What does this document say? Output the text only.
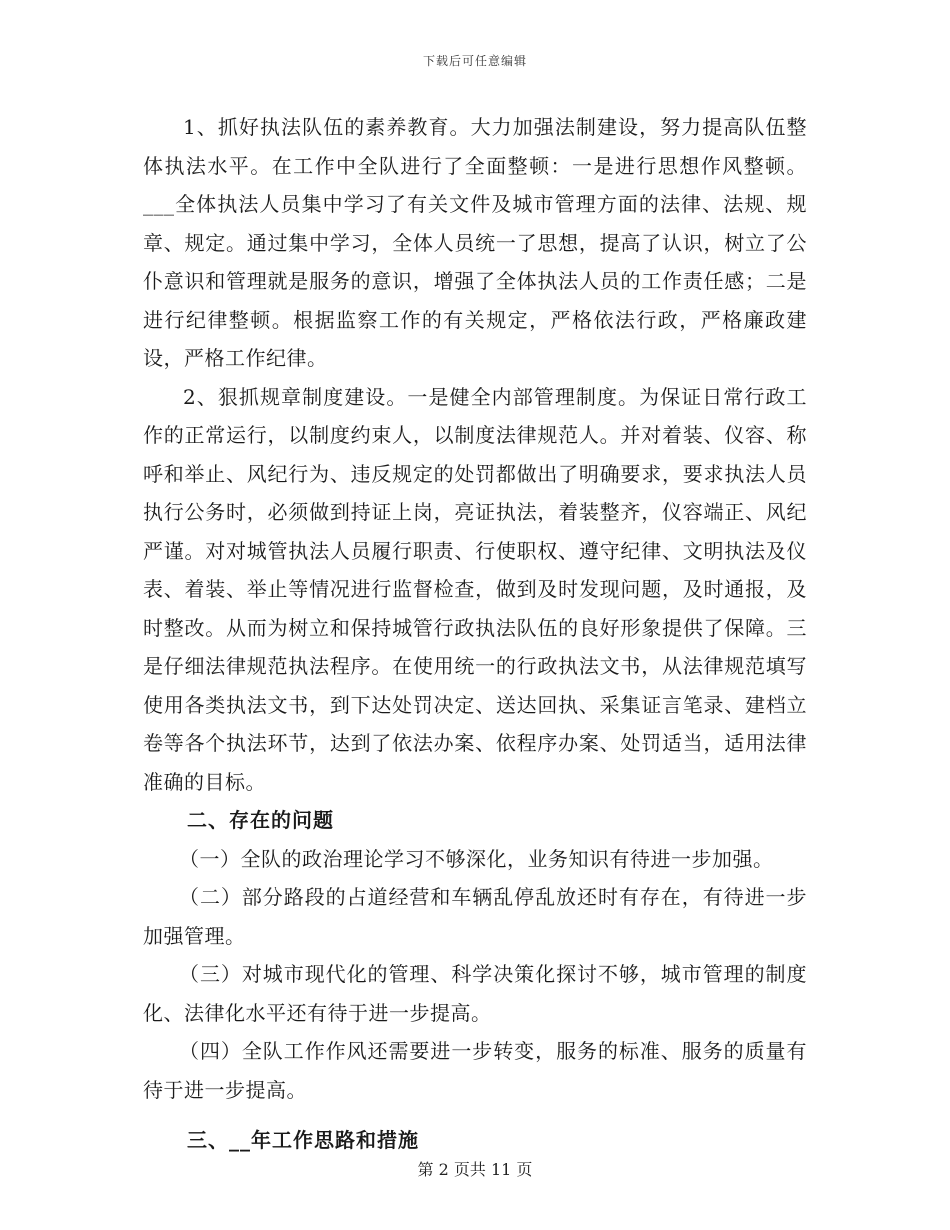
下载后可任意编辑

1、抓好执法队伍的素养教育。大力加强法制建设，努力提高队伍整体执法水平。在工作中全队进行了全面整顿：一是进行思想作风整顿。___全体执法人员集中学习了有关文件及城市管理方面的法律、法规、规章、规定。通过集中学习，全体人员统一了思想，提高了认识，树立了公仆意识和管理就是服务的意识，增强了全体执法人员的工作责任感；二是进行纪律整顿。根据监察工作的有关规定，严格依法行政，严格廉政建设，严格工作纪律。

2、狠抓规章制度建设。一是健全内部管理制度。为保证日常行政工作的正常运行，以制度约束人，以制度法律规范人。并对着装、仪容、称呼和举止、风纪行为、违反规定的处罚都做出了明确要求，要求执法人员执行公务时，必须做到持证上岗，亮证执法，着装整齐，仪容端正、风纪严谨。对对城管执法人员履行职责、行使职权、遵守纪律、文明执法及仪表、着装、举止等情况进行监督检查，做到及时发现问题，及时通报，及时整改。从而为树立和保持城管行政执法队伍的良好形象提供了保障。三是仔细法律规范执法程序。在使用统一的行政执法文书，从法律规范填写使用各类执法文书，到下达处罚决定、送达回执、采集证言笔录、建档立卷等各个执法环节，达到了依法办案、依程序办案、处罚适当，适用法律准确的目标。

二、存在的问题

（一）全队的政治理论学习不够深化，业务知识有待进一步加强。

（二）部分路段的占道经营和车辆乱停乱放还时有存在，有待进一步加强管理。

（三）对城市现代化的管理、科学决策化探讨不够，城市管理的制度化、法律化水平还有待于进一步提高。

（四）全队工作作风还需要进一步转变，服务的标准、服务的质量有待于进一步提高。

三、__年工作思路和措施
第 2 页共 11 页
